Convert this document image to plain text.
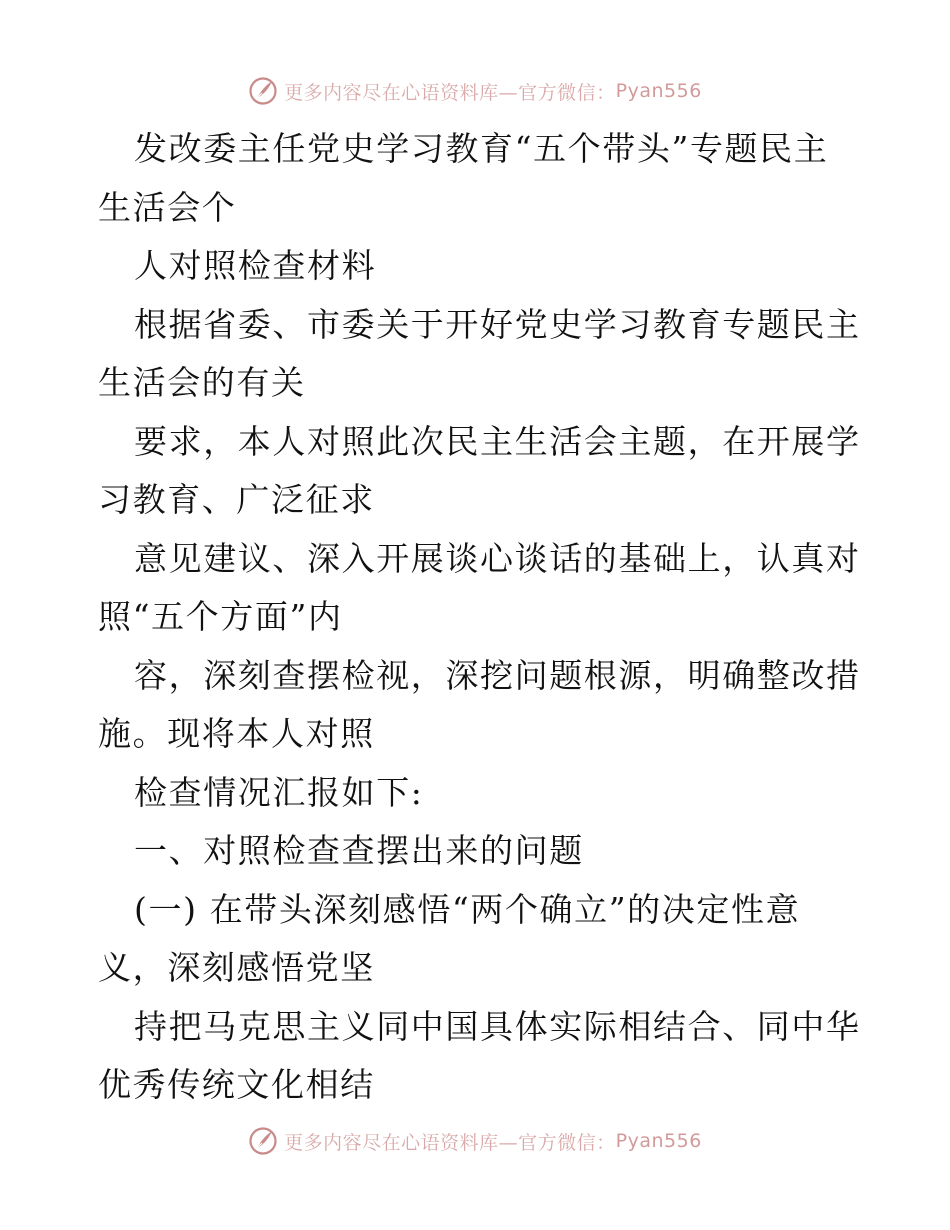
更多内容尽在心语资料库—官方微信： Pyan556
发改委主任党史学习教育“五个带头”专题民主
生活会个
人对照检查材料
根据省委、市委关于开好党史学习教育专题民主
生活会的有关
要求，本人对照此次民主生活会主题，在开展学
习教育、广泛征求
意见建议、深入开展谈心谈话的基础上，认真对
照“五个方面”内
容，深刻查摆检视，深挖问题根源，明确整改措
施。现将本人对照
检查情况汇报如下:
一、对照检查查摆出来的问题
(一) 在带头深刻感悟“两个确立”的决定性意
义，深刻感悟党坚
持把马克思主义同中国具体实际相结合、同中华
优秀传统文化相结
更多内容尽在心语资料库—官方微信： Pyan556
